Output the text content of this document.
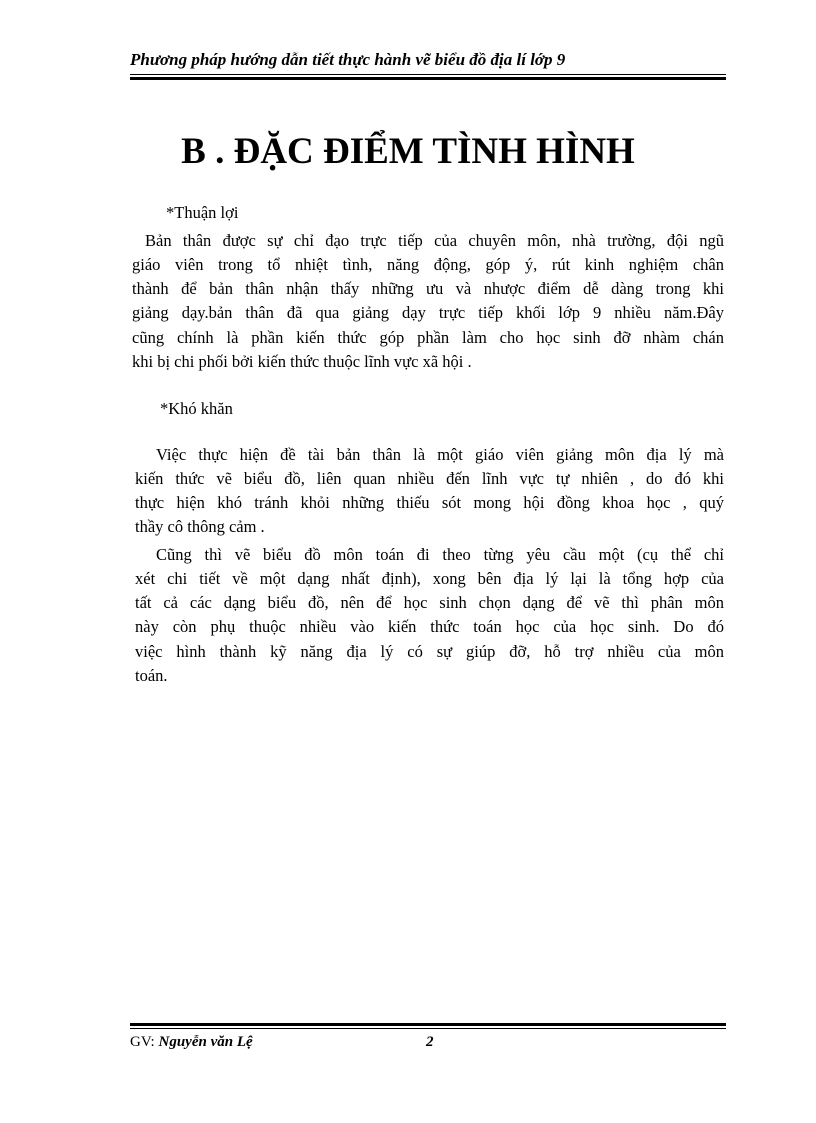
Phương pháp hướng dẫn tiết thực hành vẽ biểu đồ địa lí lớp 9
B . ĐẶC ĐIỂM TÌNH HÌNH
*Thuận lợi
Bản thân được sự chỉ đạo trực tiếp của chuyên môn, nhà trường, đội ngũ
giáo viên trong tổ nhiệt tình, năng động, góp ý, rút kinh nghiệm chân
thành để bản thân nhận thấy những ưu và nhược điểm dễ dàng trong khi
giảng dạy.bản thân đã qua giảng dạy trực tiếp khối lớp 9 nhiều năm.Đây
cũng chính là phần kiến thức góp phần làm cho học sinh đỡ nhàm chán
khi bị chi phối bởi kiến thức thuộc lĩnh vực xã hội .
*Khó khăn
Việc thực hiện đề tài bản thân là một giáo viên giảng môn địa lý mà
kiến thức vẽ biểu đồ, liên quan nhiều đến lĩnh vực tự nhiên , do đó khi
thực hiện khó tránh khỏi những thiếu sót mong hội đồng khoa học , quý
thầy cô thông cảm .
Cũng thì vẽ biểu đồ môn toán đi theo từng yêu cầu một (cụ thể chỉ
xét chi tiết về một dạng nhất định), xong bên địa lý lại là tổng hợp của
tất cả các dạng biểu đồ, nên để học sinh chọn dạng để vẽ thì phân môn
này còn phụ thuộc nhiều vào kiến thức toán học của học sinh. Do đó
việc hình thành kỹ năng địa lý có sự giúp đỡ, hỗ trợ nhiều của môn
toán.
GV: Nguyễn văn Lệ	2
